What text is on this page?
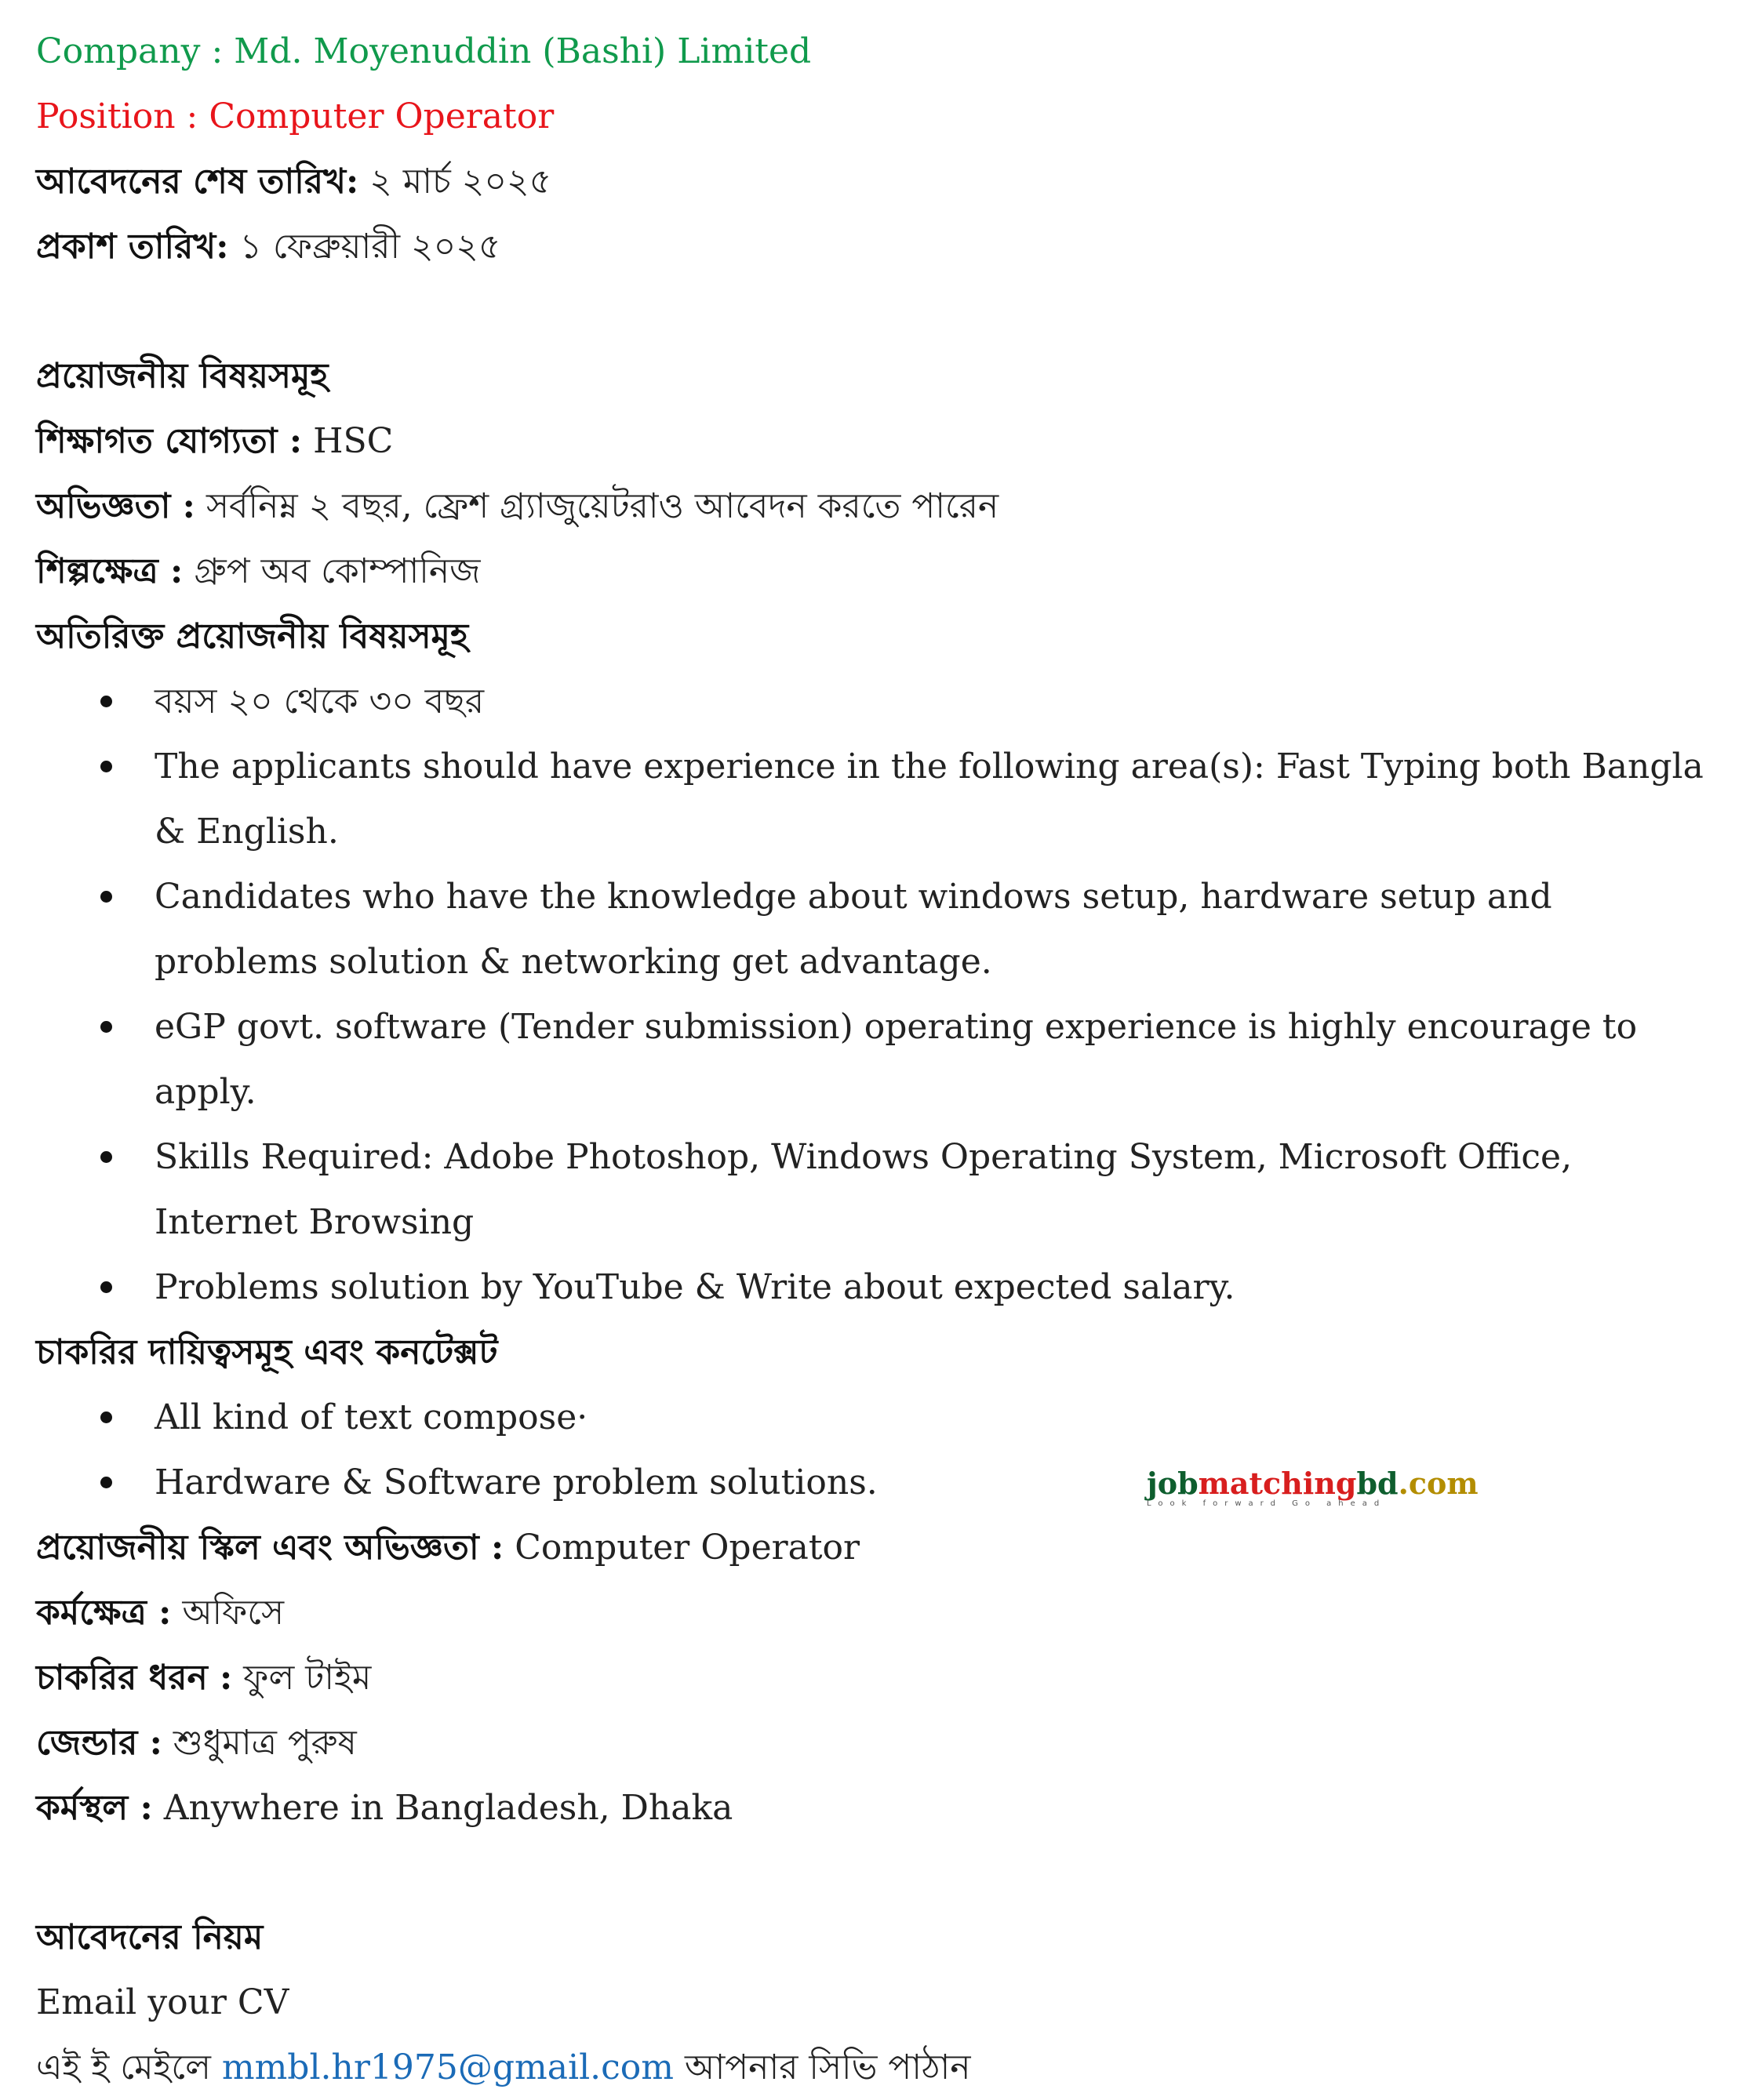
Company : Md. Moyenuddin (Bashi) Limited
Position : Computer Operator
আবেদনের শেষ তারিখ: ২ মার্চ ২০২৫
প্রকাশ তারিখ: ১ ফেব্রুয়ারী ২০২৫
প্রয়োজনীয় বিষয়সমূহ
শিক্ষাগত যোগ্যতা : HSC
অভিজ্ঞতা : সর্বনিম্ন ২ বছর, ফ্রেশ গ্র্যাজুয়েটরাও আবেদন করতে পারেন
শিল্পক্ষেত্র : গ্রুপ অব কোম্পানিজ
অতিরিক্ত প্রয়োজনীয় বিষয়সমূহ
বয়স ২০ থেকে ৩০ বছর
The applicants should have experience in the following area(s): Fast Typing both Bangla & English.
Candidates who have the knowledge about windows setup, hardware setup and problems solution & networking get advantage.
eGP govt. software (Tender submission) operating experience is highly encourage to apply.
Skills Required: Adobe Photoshop, Windows Operating System, Microsoft Office, Internet Browsing
Problems solution by YouTube & Write about expected salary.
চাকরির দায়িত্বসমূহ এবং কনটেক্সট
All kind of text compose·
Hardware & Software problem solutions.
প্রয়োজনীয় স্কিল এবং অভিজ্ঞতা : Computer Operator
কর্মক্ষেত্র : অফিসে
চাকরির ধরন : ফুল টাইম
জেন্ডার : শুধুমাত্র পুরুষ
কর্মস্থল : Anywhere in Bangladesh, Dhaka
আবেদনের নিয়ম
Email your CV
এই ই মেইলে mmbl.hr1975@gmail.com আপনার সিভি পাঠান
jobmatchingbd.com
Look forward Go ahead
